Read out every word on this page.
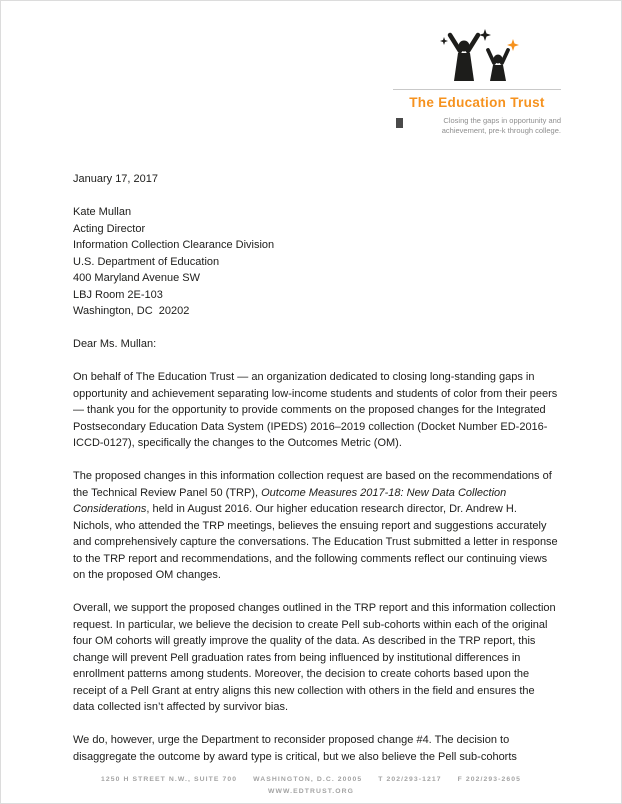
The Education Trust
Closing the gaps in opportunity and
achievement, pre-k through college.

January 17, 2017

Kate Mullan
Acting Director
Information Collection Clearance Division
U.S. Department of Education
400 Maryland Avenue SW
LBJ Room 2E-103
Washington, DC  20202

Dear Ms. Mullan:

On behalf of The Education Trust — an organization dedicated to closing long-standing gaps in opportunity and achievement separating low-income students and students of color from their peers — thank you for the opportunity to provide comments on the proposed changes for the Integrated Postsecondary Education Data System (IPEDS) 2016–2019 collection (Docket Number ED-2016-ICCD-0127), specifically the changes to the Outcomes Metric (OM).

The proposed changes in this information collection request are based on the recommendations of the Technical Review Panel 50 (TRP), Outcome Measures 2017-18: New Data Collection Considerations, held in August 2016. Our higher education research director, Dr. Andrew H. Nichols, who attended the TRP meetings, believes the ensuing report and suggestions accurately and comprehensively capture the conversations. The Education Trust submitted a letter in response to the TRP report and recommendations, and the following comments reflect our continuing views on the proposed OM changes.

Overall, we support the proposed changes outlined in the TRP report and this information collection request. In particular, we believe the decision to create Pell sub-cohorts within each of the original four OM cohorts will greatly improve the quality of the data. As described in the TRP report, this change will prevent Pell graduation rates from being influenced by institutional differences in enrollment patterns among students. Moreover, the decision to create cohorts based upon the receipt of a Pell Grant at entry aligns this new collection with others in the field and ensures the data collected isn’t affected by survivor bias.

We do, however, urge the Department to reconsider proposed change #4. The decision to disaggregate the outcome by award type is critical, but we also believe the Pell sub-cohorts

1250 H STREET N.W., SUITE 700 WASHINGTON, D.C. 20005 T 202/293-1217 F 202/293-2605
WWW.EDTRUST.ORG
